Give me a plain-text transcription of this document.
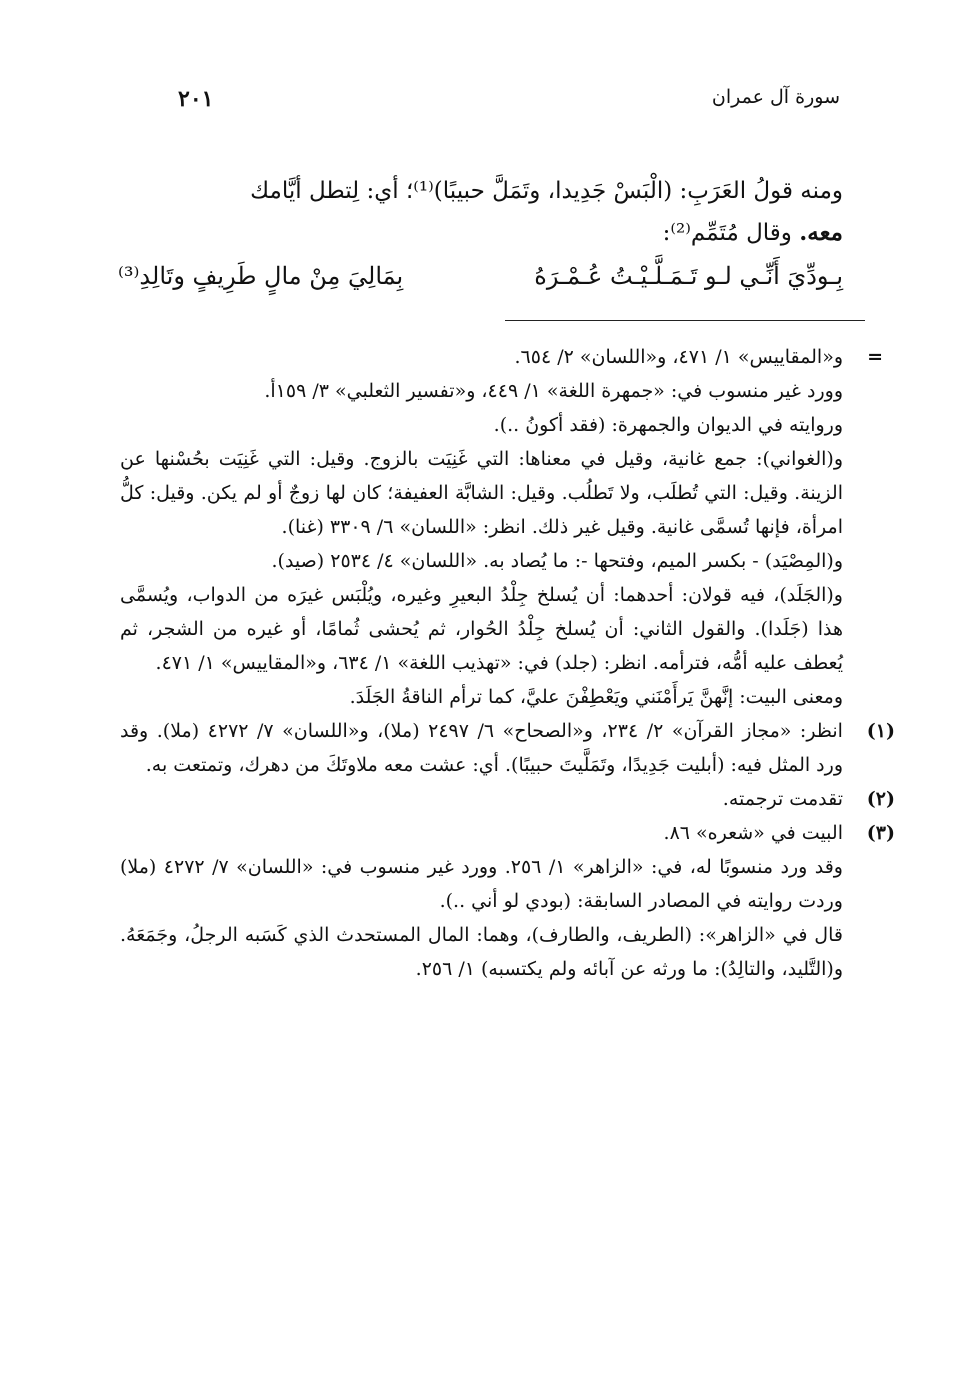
سورة آل عمران
٢٠١

ومنه قولُ العَرَبِ: (الْبَسْ جَدِيدا، وتَمَلَّ حبيبًا)⁽¹⁾؛ أي: لِتطل أيَّامك

معه. وقال مُتَمِّم⁽²⁾:

بِـودِّيَ أَنِّـي لـو تَـمَـلَّـيْـتُ عُـمْـرَهُ
بِمَالِيَ مِنْ مالٍ طَرِيفٍ وتَالِدِ⁽³⁾

=
و«المقاييس» ١/ ٤٧١، و«اللسان» ٢/ ٦٥٤.

وورد غير منسوب في: «جمهرة اللغة» ١/ ٤٤٩، و«تفسير الثعلبي» ٣/ ١٥٩أ.

وروايته في الديوان والجمهرة: (فقد أكونُ ..).

و(الغواني): جمع غانية، وقيل في معناها: التي غَنِيَت بالزوج. وقيل: التي غَنِيَت بحُسْنها عن الزينة. وقيل: التي تُطلَب، ولا تَطلُب. وقيل: الشابَّة العفيفة؛ كان لها زوجٌ أو لم يكن. وقيل: كلُّ امرأة، فإنها تُسمَّى غانية. وقيل غير ذلك. انظر: «اللسان» ٦/ ٣٣٠٩ (غنا).

و(المِصْيَد) - بكسر الميم، وفتحها -: ما يُصاد به. «اللسان» ٤/ ٢٥٣٤ (صيد).

و(الجَلَد)، فيه قولان: أحدهما: أن يُسلخ جِلْدُ البعيرِ وغيره، ويُلْبَس غيرَه من الدواب، ويُسمَّى هذا (جَلَدا). والقول الثاني: أن يُسلخ جِلْدُ الحُوار، ثم يُحشى ثُمامًا، أو غيره من الشجر، ثم يُعطف عليه أمُّه، فترأمه. انظر: (جلد) في: «تهذيب اللغة» ١/ ٦٣٤، و«المقاييس» ١/ ٤٧١.

ومعنى البيت: إنَّهنَّ يَرأَمْنَني ويَعْطِفْنَ عليَّ، كما ترأم الناقةُ الجَلَدَ.

(١)
انظر: «مجاز القرآن» ٢/ ٢٣٤، و«الصحاح» ٦/ ٢٤٩٧ (ملا)، و«اللسان» ٧/ ٤٢٧٢ (ملا). وقد ورد المثل فيه: (أبليت جَدِيدًا، وتَمَلَّيتَ حبيبًا). أي: عشت معه ملاوتَكَ من دهرك، وتمتعت به.

(٢)
تقدمت ترجمته.

(٣)
البيت في «شعره» ٨٦.

وقد ورد منسوبًا له، في: «الزاهر» ١/ ٢٥٦. وورد غير منسوب في: «اللسان» ٧/ ٤٢٧٢ (ملا) وردت روايته في المصادر السابقة: (بودي لو أني ..).

قال في «الزاهر»: (الطريف، والطارف)، وهما: المال المستحدث الذي كَسَبه الرجلُ، وجَمَعَهُ. و(التَّليد، والتالِدُ): ما ورثه عن آبائه ولم يكتسبه) ١/ ٢٥٦.
